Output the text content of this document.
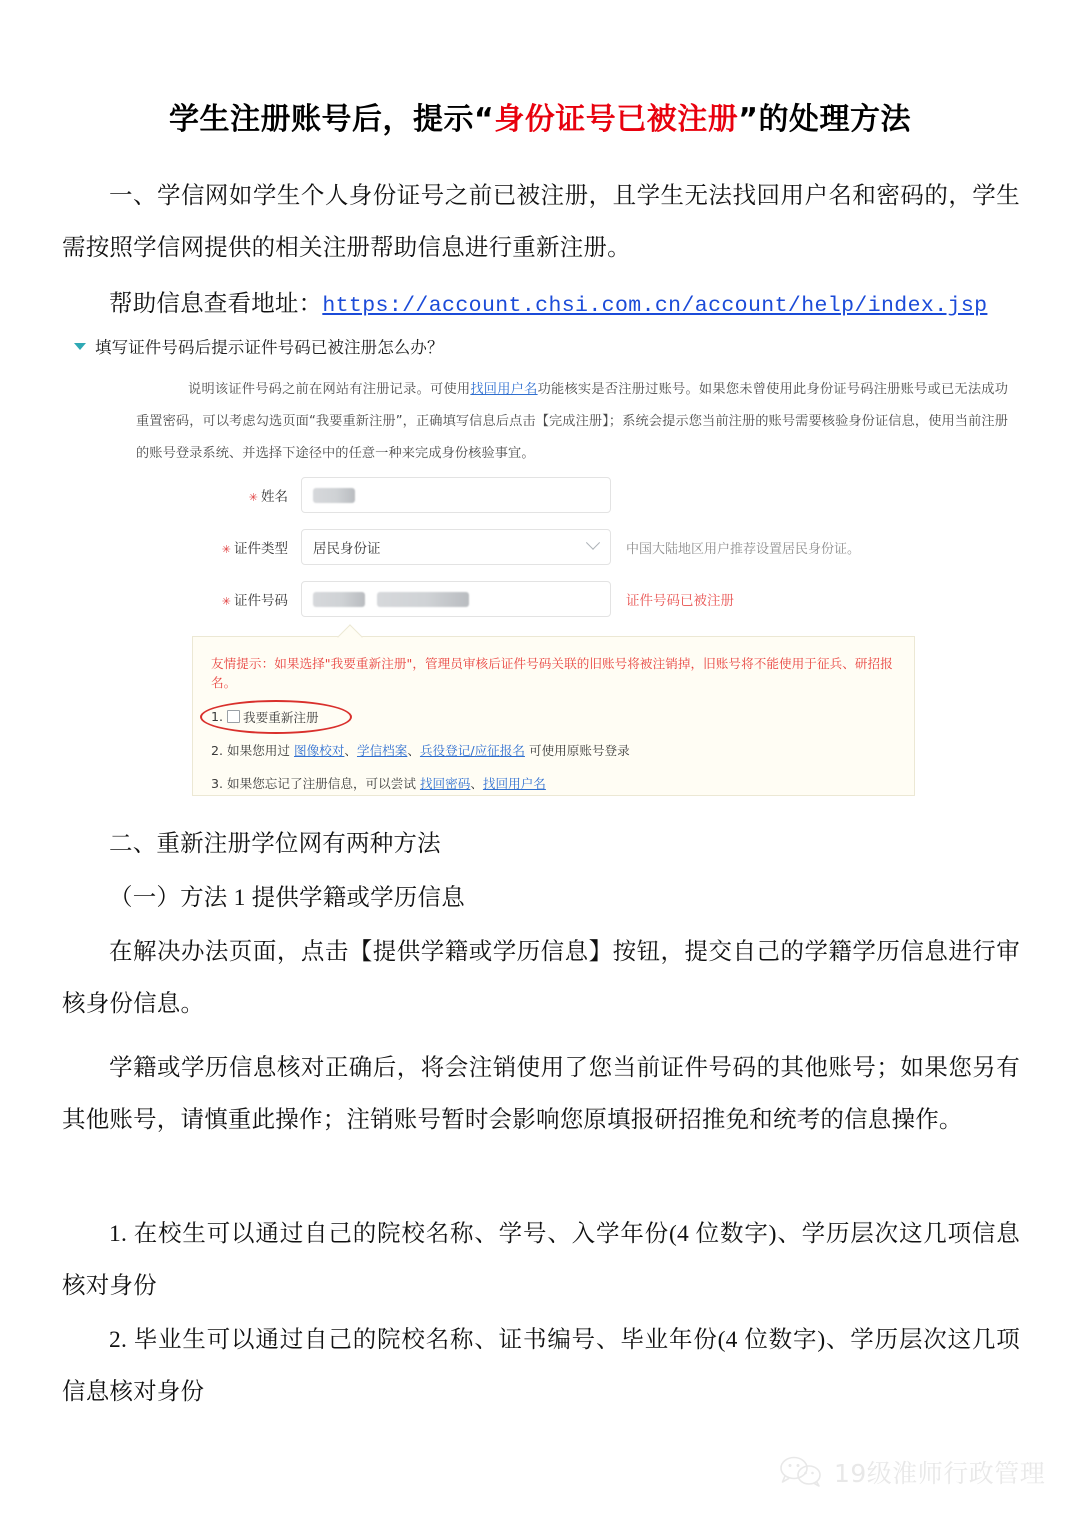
学生注册账号后，提示“身份证号已被注册”的处理方法
一、学信网如学生个人身份证号之前已被注册，且学生无法找回用户名和密码的，学生需按照学信网提供的相关注册帮助信息进行重新注册。
帮助信息查看地址：https://account.chsi.com.cn/account/help/index.jsp
填写证件号码后提示证件号码已被注册怎么办？
说明该证件号码之前在网站有注册记录。可使用找回用户名功能核实是否注册过账号。如果您未曾使用此身份证号码注册账号或已无法成功重置密码，可以考虑勾选页面“我要重新注册”，正确填写信息后点击【完成注册】；系统会提示您当前注册的账号需要核验身份证信息，使用当前注册的账号登录系统、并选择下途径中的任意一种来完成身份核验事宜。
✳ 姓名
✳ 证件类型	居民身份证	中国大陆地区用户推荐设置居民身份证。
✳ 证件号码	证件号码已被注册
友情提示：如果选择"我要重新注册"，管理员审核后证件号码关联的旧账号将被注销掉，旧账号将不能使用于征兵、研招报名。
1. 我要重新注册
2. 如果您用过
图像校对 、 学信档案 、 兵役登记/应征报名
可使用原账号登录
3. 如果您忘记了注册信息，可以尝试
找回密码 、 找回用户名
二、重新注册学位网有两种方法
（一）方法 1 提供学籍或学历信息
在解决办法页面，点击【提供学籍或学历信息】按钮，提交自己的学籍学历信息进行审核身份信息。
学籍或学历信息核对正确后，将会注销使用了您当前证件号码的其他账号；如果您另有其他账号，请慎重此操作；注销账号暂时会影响您原填报研招推免和统考的信息操作。
1. 在校生可以通过自己的院校名称、学号、入学年份(4 位数字)、学历层次这几项信息核对身份
2. 毕业生可以通过自己的院校名称、证书编号、毕业年份(4 位数字)、学历层次这几项信息核对身份
19级淮师行政管理
